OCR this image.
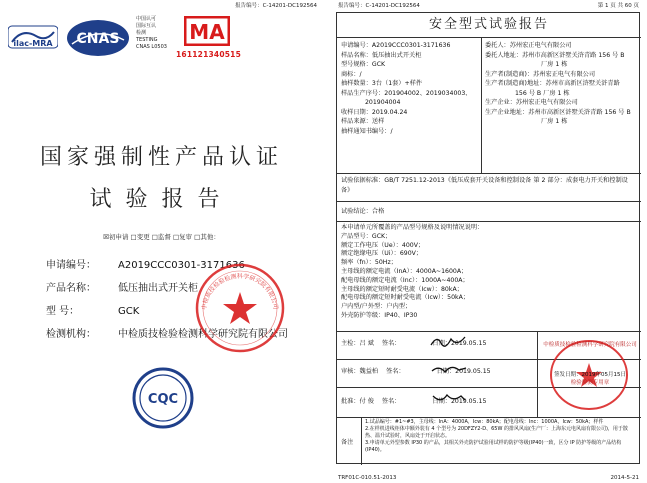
报告编号：C-14201-DC192564
ilac-MRA CNAS
中国认可
国际互认
检测
TESTING
CNAS L0503
MA
161121340515
国家强制性产品认证
试验报告
☒初申请 □变更 □监督 □复审 □其他：
申请编号： A2019CCC0301-3171636
产品名称： 低压抽出式开关柜
型 号：	GCK
检测机构： 中检质技检验检测科学研究院有限公司
中检质技检验检测科学研究院有限公司
CQC
报告编号：C-14201-DC192564	第 1 页 共 60 页
安全型式试验报告
申请编号：A2019CCC0301-3171636
样品名称：低压抽出式开关柜
型号规格：GCK
商标：/
抽样数量：3台（1套）+样件
样品生产序号：201904002、2019034003、
201904004
收样日期：2019.04.24
样品来源：送样
抽样通知书编号：/
委托人：苏州宏正电气有限公司
委托人地址：苏州市高新区浒墅关浒青路 156 号 B
厂房 1 栋
生产者(制造商)：苏州宏正电气有限公司
生产者(制造商)地址：苏州市高新区浒墅关浒青路
156 号 B 厂房 1 栋
生产企业：苏州宏正电气有限公司
生产企业地址：苏州市高新区浒墅关浒青路 156 号 B
厂房 1 栋
试验依据标准：GB/T 7251.12-2013《低压成套开关设备和控制设备 第 2 部分：成套电力开关和控制设备》
试验结论：合格
本申请单元所覆盖的产品型号规格及说明情况说明：
产品型号：GCK；
额定工作电压（Ue）：400V；
额定绝缘电压（Ui）：690V；
频率（fn）：50Hz；
主母线的额定电流（InA）：4000A~1600A；
配电母线的额定电流（Inc）：1000A~400A；
主母线的额定短时耐受电流（Icw）：80kA；
配电母线的额定短时耐受电流（Icw）：50kA；
户内型/户外型：户内型；
外壳防护等级：IP40、IP30
主检：吕 斌 签名：	日期：2019.05.15
审核：魏益柏 签名：	日期：2019.05.15
批准：付 俊 签名：	日期：2019.05.15
中检质技检验检测科学研究院有限公司
签发日期：2019年05月15日
检验检测专用章
备注
1.试品编号：#1~#3，主母线：InA：4000A，Icw：80kA；配电母线：Inc：1000A，Icw：50kA；样件
2.在样机进线柜体中额外装有 4 个型号为 20DFZY2-D、65W 的排风风扇(生产厂：上海东元电风扇有限公司)，用于散热、温升试验时，风扇处于开启状态。
3.申请单元外型参数 IP30 的产品，其相关外壳防护试验用试样的防护等级(IP40)一致，区分 IP 防护等级的产品结构(IP40)。
TRF01C-010.51-2013	2014-5-21
